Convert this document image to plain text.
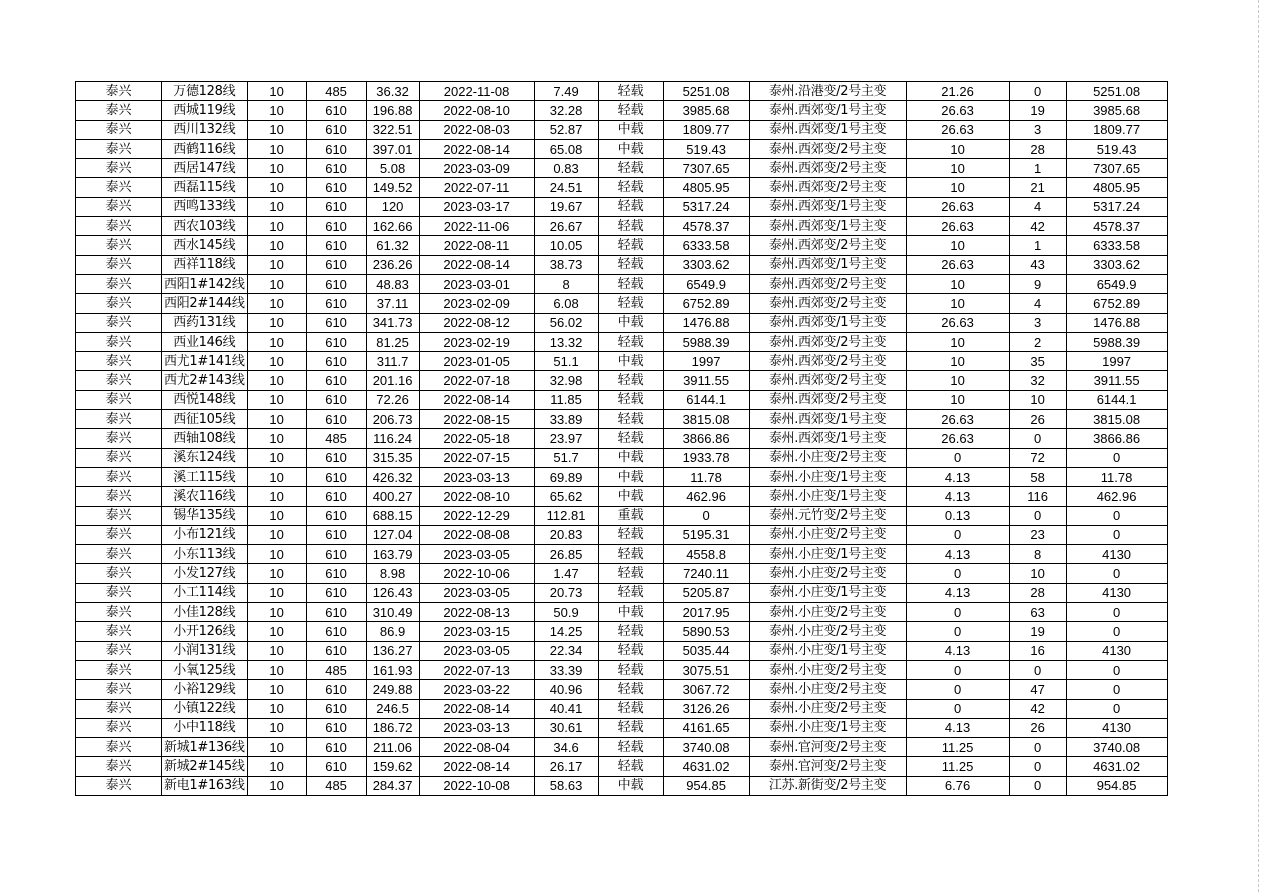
泰兴	万德128线	10	485	36.32	2022-11-08	7.49	轻载	5251.08	泰州.沿港变/2号主变	21.26	0	5251.08
泰兴	西城119线	10	610	196.88	2022-08-10	32.28	轻载	3985.68	泰州.西郊变/1号主变	26.63	19	3985.68
泰兴	西川132线	10	610	322.51	2022-08-03	52.87	中载	1809.77	泰州.西郊变/1号主变	26.63	3	1809.77
泰兴	西鹤116线	10	610	397.01	2022-08-14	65.08	中载	519.43	泰州.西郊变/2号主变	10	28	519.43
泰兴	西居147线	10	610	5.08	2023-03-09	0.83	轻载	7307.65	泰州.西郊变/2号主变	10	1	7307.65
泰兴	西磊115线	10	610	149.52	2022-07-11	24.51	轻载	4805.95	泰州.西郊变/2号主变	10	21	4805.95
泰兴	西鸣133线	10	610	120	2023-03-17	19.67	轻载	5317.24	泰州.西郊变/1号主变	26.63	4	5317.24
泰兴	西农103线	10	610	162.66	2022-11-06	26.67	轻载	4578.37	泰州.西郊变/1号主变	26.63	42	4578.37
泰兴	西水145线	10	610	61.32	2022-08-11	10.05	轻载	6333.58	泰州.西郊变/2号主变	10	1	6333.58
泰兴	西祥118线	10	610	236.26	2022-08-14	38.73	轻载	3303.62	泰州.西郊变/1号主变	26.63	43	3303.62
泰兴	西阳1#142线	10	610	48.83	2023-03-01	8	轻载	6549.9	泰州.西郊变/2号主变	10	9	6549.9
泰兴	西阳2#144线	10	610	37.11	2023-02-09	6.08	轻载	6752.89	泰州.西郊变/2号主变	10	4	6752.89
泰兴	西药131线	10	610	341.73	2022-08-12	56.02	中载	1476.88	泰州.西郊变/1号主变	26.63	3	1476.88
泰兴	西业146线	10	610	81.25	2023-02-19	13.32	轻载	5988.39	泰州.西郊变/2号主变	10	2	5988.39
泰兴	西尤1#141线	10	610	311.7	2023-01-05	51.1	中载	1997	泰州.西郊变/2号主变	10	35	1997
泰兴	西尤2#143线	10	610	201.16	2022-07-18	32.98	轻载	3911.55	泰州.西郊变/2号主变	10	32	3911.55
泰兴	西悦148线	10	610	72.26	2022-08-14	11.85	轻载	6144.1	泰州.西郊变/2号主变	10	10	6144.1
泰兴	西征105线	10	610	206.73	2022-08-15	33.89	轻载	3815.08	泰州.西郊变/1号主变	26.63	26	3815.08
泰兴	西轴108线	10	485	116.24	2022-05-18	23.97	轻载	3866.86	泰州.西郊变/1号主变	26.63	0	3866.86
泰兴	溪东124线	10	610	315.35	2022-07-15	51.7	中载	1933.78	泰州.小庄变/2号主变	0	72	0
泰兴	溪工115线	10	610	426.32	2023-03-13	69.89	中载	11.78	泰州.小庄变/1号主变	4.13	58	11.78
泰兴	溪农116线	10	610	400.27	2022-08-10	65.62	中载	462.96	泰州.小庄变/1号主变	4.13	116	462.96
泰兴	锡华135线	10	610	688.15	2022-12-29	112.81	重载	0	泰州.元竹变/2号主变	0.13	0	0
泰兴	小布121线	10	610	127.04	2022-08-08	20.83	轻载	5195.31	泰州.小庄变/2号主变	0	23	0
泰兴	小东113线	10	610	163.79	2023-03-05	26.85	轻载	4558.8	泰州.小庄变/1号主变	4.13	8	4130
泰兴	小发127线	10	610	8.98	2022-10-06	1.47	轻载	7240.11	泰州.小庄变/2号主变	0	10	0
泰兴	小工114线	10	610	126.43	2023-03-05	20.73	轻载	5205.87	泰州.小庄变/1号主变	4.13	28	4130
泰兴	小佳128线	10	610	310.49	2022-08-13	50.9	中载	2017.95	泰州.小庄变/2号主变	0	63	0
泰兴	小开126线	10	610	86.9	2023-03-15	14.25	轻载	5890.53	泰州.小庄变/2号主变	0	19	0
泰兴	小润131线	10	610	136.27	2023-03-05	22.34	轻载	5035.44	泰州.小庄变/1号主变	4.13	16	4130
泰兴	小氧125线	10	485	161.93	2022-07-13	33.39	轻载	3075.51	泰州.小庄变/2号主变	0	0	0
泰兴	小裕129线	10	610	249.88	2023-03-22	40.96	轻载	3067.72	泰州.小庄变/2号主变	0	47	0
泰兴	小镇122线	10	610	246.5	2022-08-14	40.41	轻载	3126.26	泰州.小庄变/2号主变	0	42	0
泰兴	小中118线	10	610	186.72	2023-03-13	30.61	轻载	4161.65	泰州.小庄变/1号主变	4.13	26	4130
泰兴	新城1#136线	10	610	211.06	2022-08-04	34.6	轻载	3740.08	泰州.官河变/2号主变	11.25	0	3740.08
泰兴	新城2#145线	10	610	159.62	2022-08-14	26.17	轻载	4631.02	泰州.官河变/2号主变	11.25	0	4631.02
泰兴	新电1#163线	10	485	284.37	2022-10-08	58.63	中载	954.85	江苏.新街变/2号主变	6.76	0	954.85
